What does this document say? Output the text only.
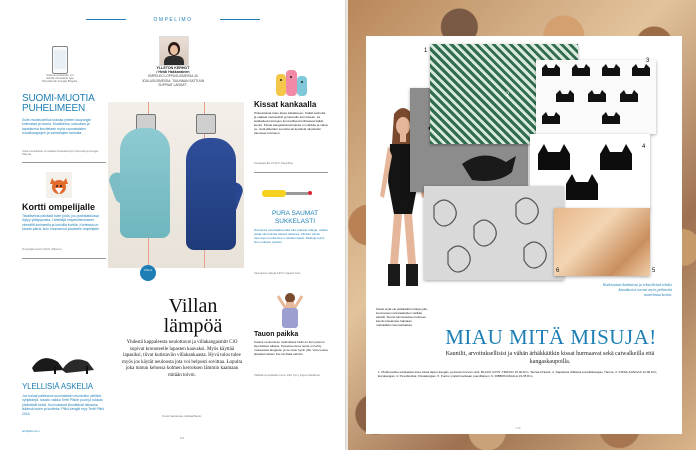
OMPELIMO
YLLETON KERHOT
/ Heidi Hakkarainen
EMPELEO LOPPUSUOMESSA JA JOULUSUOMESSA. 'SUUNNAN SATTUUN SUPPAAT LANGAT'.
Suite-sovelluksen voi ladata ilmaiseksi App Storesta tai Google Playsta.
SUOMI-MUOTIA PUHELIMEEN
Suite-muotisovellus kokoaa yhteen kaupungin kotimaisia ja nuoria. Muotitietoa, uutuuksia ja tapahtumia ilmoitetaan myös suomalaisten muotikauppojen ja valmistajien tarinoita.
Suite-sovellukset voi ladata ilmaiseksi App Storesta ja Google Playsta.
Kortti ompelijalle
Tavallisesta päivästä tulee juhla, jos postilaatikossa löytyy yllätyspostia. Lähettäjä ompeluihinukseen vihreällä koristeella ja kaunilla kortilla. Korteissa on kaunis päivä, kuin huomannut jokaiselle ompelijalle.
Ompelijan kortti 2,90 €, Mikoroo.
YLELLISIÄ ASKELIA
Jos haluat palkitseva suomalaisen muotoilun ylellisiä nyhjäkkejä, tutustu vaikka Tertti Pitkön puoti ja tulokas yhdistävät kesiä. Kunnostavat kiinnittävät rikkaana ikäänsä kuten ja tuotteita. Pitkö-kengät myy Tertti Pitkö 2016.
terttipitko.com
VILLA
Villan lämpöä
Yhdestä kappaleesta neulottavat ja villakangasmitt CiO sopivat kronoteelle lapasten kaavaksi. Myös käyttää lapasiksi, tiivat kutistaviin villakankaasta. Hyvä tulos tulee myös jos käytät neuloosta jota voi helposti sovittaa. Lopulta joka tuntuu kehossa kolmen kerroksen lämmin kaamaan mitään toivoi.
Kuvat Saaramaa, leikkaa/Neulo.
118
Kissat kankaalla
Pinkoistoista tulee kissa tutkiakseen. Kaikki tarinoita ja vaaleat meisseliinit ja kannelle kuin kissan. Ja keikkailevia kissojen luonnollisesti kohtaavat kaikki kuviot. Kissat kangaskokoelmassa on värikäs ja valoa se, vielä jätteiden suurelta tai kestäviä näytteiden pienoiset kuvineen.
Kissapaperille 15,90 €, PaperPlay.
PURA SAUMAT SUKKELASTI
Harvassa ompelijalla pitää olla sukkela ratkoja, vaikka tekijä olisi kuinka taitava tahansa. Vihdoin tehdä saumojen purkaminen vaivattomaksi. Ratkoja toimii kuin sukkela työkalu.
Saumanrat. ratkoja 9,90 €, Kapaan Koto.
Tauon paikka
Kaunis neulomisen rauhoittava hetki on kuin pienen lepohetken aikana. Kuvassa oleva neule on tehty mukavasta langasta, ja se istuu hyvin yllä. Voit neuloa lankakerroksen itse tai tilata valmiin.
Pallisilla-ompelijoiden kuosi, kiltin hymy loppuu Markkinat.
1
2
3
4
5
6
Kissat eivät ole pelkästään tuttuja julia, luonnossa muotivaatteitten värikäs tekstiili. Suuret kiinnostuksen kohteen kaunis kissakuvio halutaan mahdollisimman kankaissa.
Kudottuista kankaista ja tekstiileistä tehdyt kissakuviot tuovat myös pehmeää tunnelmaa kotiin.
MIAU MITÄ MISUJA!
Kaunilit, arvoituksellisist ja vähän ärhäkkäitkin kissat hurmaavat sekä catwalkeilla että kangaskaupoilla.
1. Pinkkuosiste kankaasta tulee kissa lappu-kangas, ja kissan korvan värit. BLACK CATS -TRIKOO 15,90 €/m, Tamaa Finland. 2. Sapatissa villikissa puuvillakangas, Hanna. 3. KISSA-KANGAS 12,90 €/m, Eurokangas. 4. Pesufestival, Kissakangas. 5. Kuoko ympäri kankaan puuvillainen. 6. RIBBON-MAALA 19,95 €/m.
119
